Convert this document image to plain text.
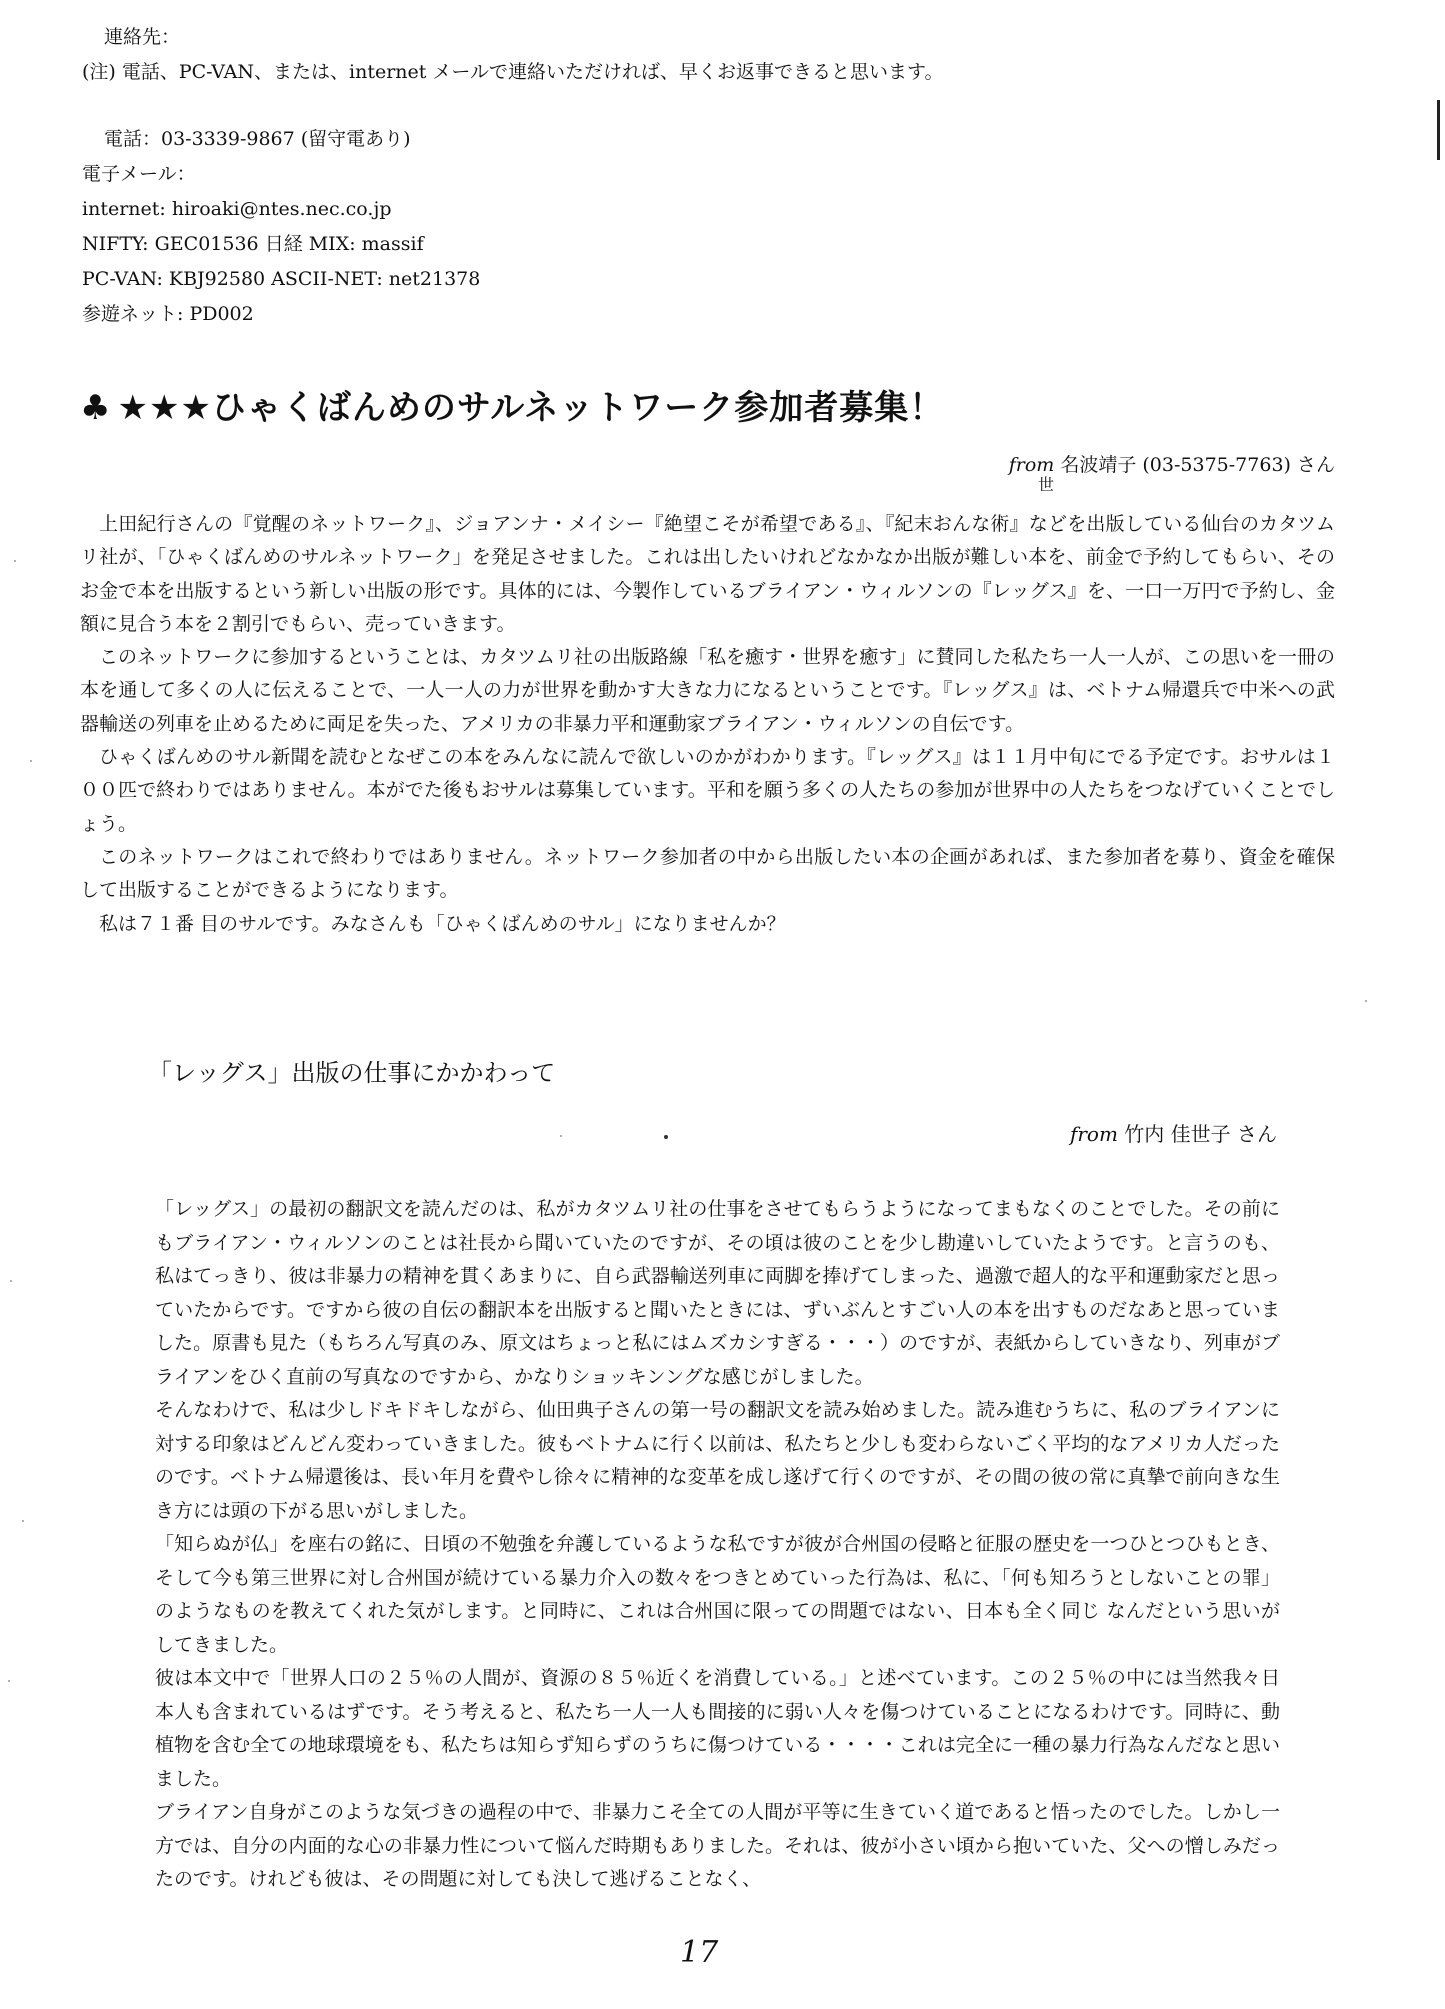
連絡先：
(注) 電話、PC-VAN、または、internet メールで連絡いただければ、早くお返事できると思います。
電話：03-3339-9867 (留守電あり)
電子メール：
internet: hiroaki@ntes.nec.co.jp
NIFTY: GEC01536 日経 MIX: massif
PC-VAN: KBJ92580 ASCII-NET: net21378
参遊ネット: PD002
♣ ★★★ひゃくばんめのサルネットワーク参加者募集！
from 名波靖子 (03-5375-7763) さん
世

上田紀行さんの『覚醒のネットワーク』、ジョアンナ・メイシー『絶望こそが希望である』、『紀末おんな術』などを出版している仙台のカタツムリ社が、「ひゃくばんめのサルネットワーク」を発足させました。これは出したいけれどなかなか出版が難しい本を、前金で予約してもらい、そのお金で本を出版するという新しい出版の形です。具体的には、今製作しているブライアン・ウィルソンの『レッグス』を、一口一万円で予約し、金額に見合う本を２割引でもらい、売っていきます。

このネットワークに参加するということは、カタツムリ社の出版路線「私を癒す・世界を癒す」に賛同した私たち一人一人が、この思いを一冊の本を通して多くの人に伝えることで、一人一人の力が世界を動かす大きな力になるということです。『レッグス』は、ベトナム帰還兵で中米への武器輸送の列車を止めるために両足を失った、アメリカの非暴力平和運動家ブライアン・ウィルソンの自伝です。

ひゃくばんめのサル新聞を読むとなぜこの本をみんなに読んで欲しいのかがわかります。『レッグス』は１１月中旬にでる予定です。おサルは１００匹で終わりではありません。本がでた後もおサルは募集しています。平和を願う多くの人たちの参加が世界中の人たちをつなげていくことでしょう。

このネットワークはこれで終わりではありません。ネットワーク参加者の中から出版したい本の企画があれば、また参加者を募り、資金を確保して出版することができるようになります。

私は７１番 目のサルです。みなさんも「ひゃくばんめのサル」になりませんか？

「レッグス」出版の仕事にかかわって
from 竹内 佳世子 さん

「レッグス」の最初の翻訳文を読んだのは、私がカタツムリ社の仕事をさせてもらうようになってまもなくのことでした。その前にもブライアン・ウィルソンのことは社長から聞いていたのですが、その頃は彼のことを少し勘違いしていたようです。と言うのも、私はてっきり、彼は非暴力の精神を貫くあまりに、自ら武器輸送列車に両脚を捧げてしまった、過激で超人的な平和運動家だと思っていたからです。ですから彼の自伝の翻訳本を出版すると聞いたときには、ずいぶんとすごい人の本を出すものだなあと思っていました。原書も見た（もちろん写真のみ、原文はちょっと私にはムズカシすぎる・・・）のですが、表紙からしていきなり、列車がブライアンをひく直前の写真なのですから、かなりショッキンングな感じがしました。

そんなわけで、私は少しドキドキしながら、仙田典子さんの第一号の翻訳文を読み始めました。読み進むうちに、私のブライアンに対する印象はどんどん変わっていきました。彼もベトナムに行く以前は、私たちと少しも変わらないごく平均的なアメリカ人だったのです。ベトナム帰還後は、長い年月を費やし徐々に精神的な変革を成し遂げて行くのですが、その間の彼の常に真摯で前向きな生き方には頭の下がる思いがしました。

「知らぬが仏」を座右の銘に、日頃の不勉強を弁護しているような私ですが彼が合州国の侵略と征服の歴史を一つひとつひもとき、そして今も第三世界に対し合州国が続けている暴力介入の数々をつきとめていった行為は、私に、「何も知ろうとしないことの罪」のようなものを教えてくれた気がします。と同時に、これは合州国に限っての問題ではない、日本も全く同じ なんだという思いがしてきました。

彼は本文中で「世界人口の２５％の人間が、資源の８５％近くを消費している。」と述べています。この２５％の中には当然我々日本人も含まれているはずです。そう考えると、私たち一人一人も間接的に弱い人々を傷つけていることになるわけです。同時に、動植物を含む全ての地球環境をも、私たちは知らず知らずのうちに傷つけている・・・・これは完全に一種の暴力行為なんだなと思いました。

ブライアン自身がこのような気づきの過程の中で、非暴力こそ全ての人間が平等に生きていく道であると悟ったのでした。しかし一方では、自分の内面的な心の非暴力性について悩んだ時期もありました。それは、彼が小さい頃から抱いていた、父への憎しみだったのです。けれども彼は、その問題に対しても決して逃げることなく、

17
